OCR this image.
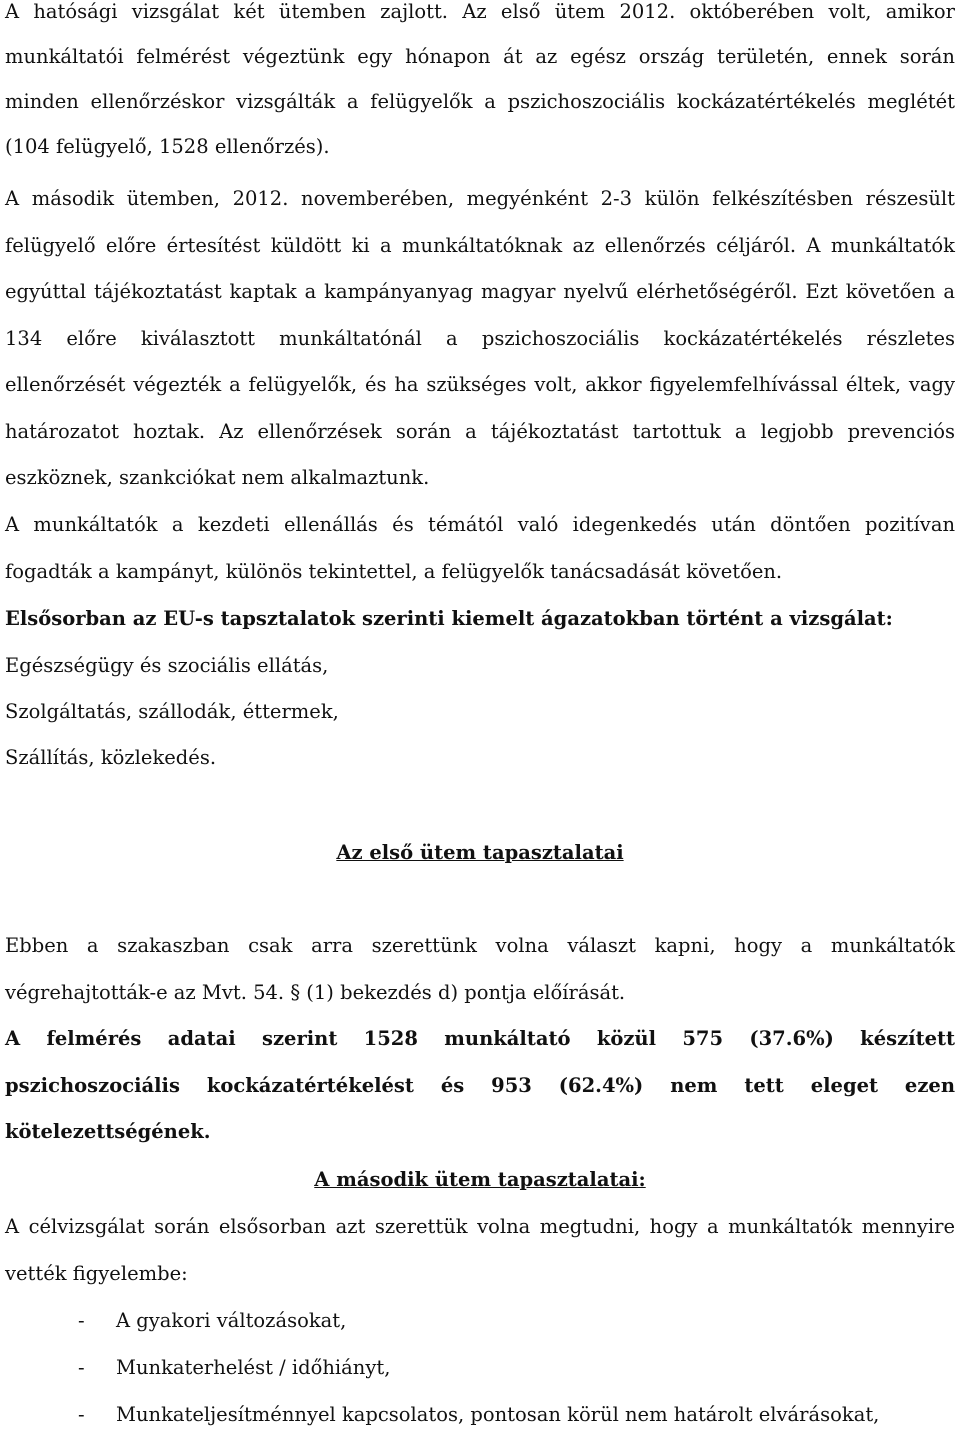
A hatósági vizsgálat két ütemben zajlott. Az első ütem 2012. októberében volt, amikor munkáltatói felmérést végeztünk egy hónapon át az egész ország területén, ennek során minden ellenőrzéskor vizsgálták a felügyelők a pszichoszociális kockázatértékelés meglétét (104 felügyelő, 1528 ellenőrzés).

A második ütemben, 2012. novemberében, megyénként 2-3 külön felkészítésben részesült felügyelő előre értesítést küldött ki a munkáltatóknak az ellenőrzés céljáról. A munkáltatók egyúttal tájékoztatást kaptak a kampányanyag magyar nyelvű elérhetőségéről. Ezt követően a 134 előre kiválasztott munkáltatónál a pszichoszociális kockázatértékelés részletes ellenőrzését végezték a felügyelők, és ha szükséges volt, akkor figyelemfelhívással éltek, vagy határozatot hoztak. Az ellenőrzések során a tájékoztatást tartottuk a legjobb prevenciós eszköznek, szankciókat nem alkalmaztunk.

A munkáltatók a kezdeti ellenállás és témától való idegenkedés után döntően pozitívan fogadták a kampányt, különös tekintettel, a felügyelők tanácsadását követően.

Elsősorban az EU-s tapsztalatok szerinti kiemelt ágazatokban történt a vizsgálat:

Egészségügy és szociális ellátás,
Szolgáltatás, szállodák, éttermek,
Szállítás, közlekedés.
Az első ütem tapasztalatai

Ebben a szakaszban csak arra szerettünk volna választ kapni, hogy a munkáltatók végrehajtották-e az Mvt. 54. § (1) bekezdés d) pontja előírását.

A felmérés adatai szerint 1528 munkáltató közül 575 (37.6%) készített pszichoszociális kockázatértékelést és 953 (62.4%) nem tett eleget ezen kötelezettségének.

A második ütem tapasztalatai:

A célvizsgálat során elsősorban azt szerettük volna megtudni, hogy a munkáltatók mennyire vették figyelembe:

- A gyakori változásokat,
- Munkaterhelést / időhiányt,
- Munkateljesítménnyel kapcsolatos, pontosan körül nem határolt elvárásokat,
